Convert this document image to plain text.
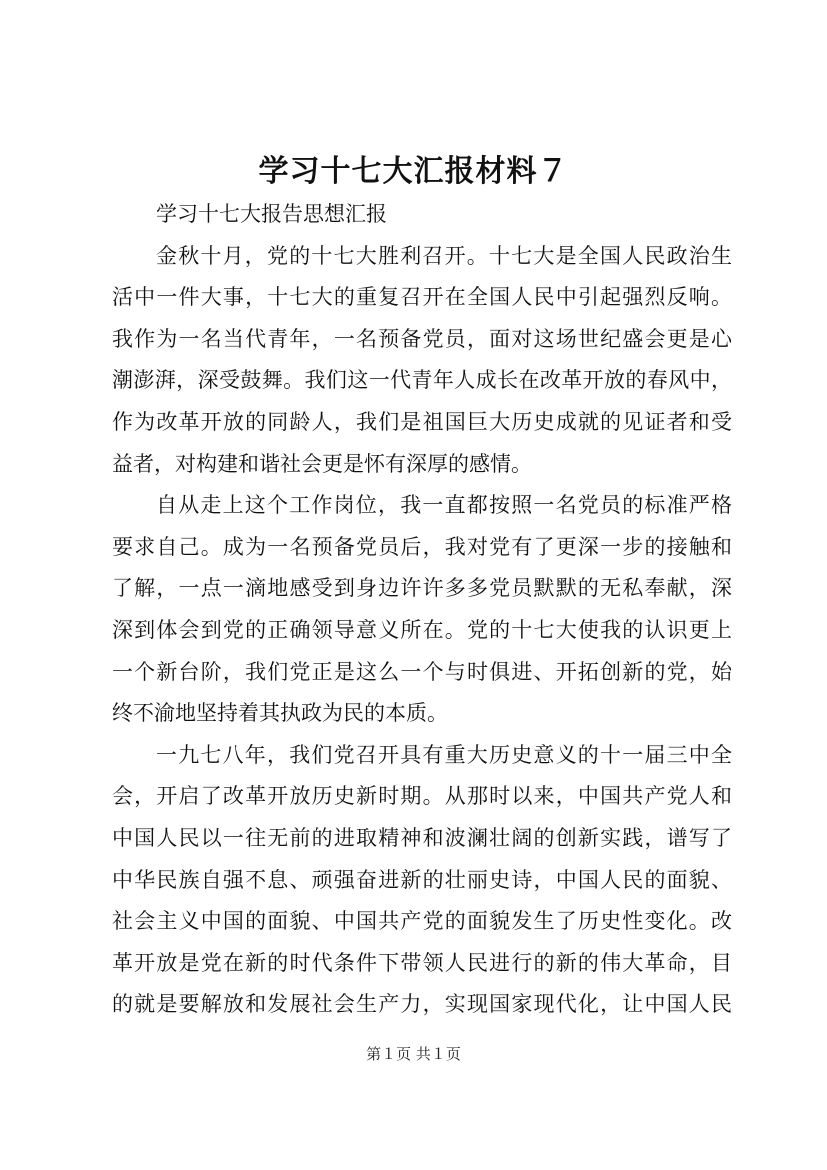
学习十七大汇报材料７
学习十七大报告思想汇报
金秋十月，党的十七大胜利召开。十七大是全国人民政治生
活中一件大事，十七大的重复召开在全国人民中引起强烈反响。
我作为一名当代青年，一名预备党员，面对这场世纪盛会更是心
潮澎湃，深受鼓舞。我们这一代青年人成长在改革开放的春风中，
作为改革开放的同龄人，我们是祖国巨大历史成就的见证者和受
益者，对构建和谐社会更是怀有深厚的感情。
自从走上这个工作岗位，我一直都按照一名党员的标准严格
要求自己。成为一名预备党员后，我对党有了更深一步的接触和
了解，一点一滴地感受到身边许许多多党员默默的无私奉献，深
深到体会到党的正确领导意义所在。党的十七大使我的认识更上
一个新台阶，我们党正是这么一个与时俱进、开拓创新的党，始
终不渝地坚持着其执政为民的本质。
一九七八年，我们党召开具有重大历史意义的十一届三中全
会，开启了改革开放历史新时期。从那时以来，中国共产党人和
中国人民以一往无前的进取精神和波澜壮阔的创新实践，谱写了
中华民族自强不息、顽强奋进新的壮丽史诗，中国人民的面貌、
社会主义中国的面貌、中国共产党的面貌发生了历史性变化。改
革开放是党在新的时代条件下带领人民进行的新的伟大革命，目
的就是要解放和发展社会生产力，实现国家现代化，让中国人民
第１页 共１页
